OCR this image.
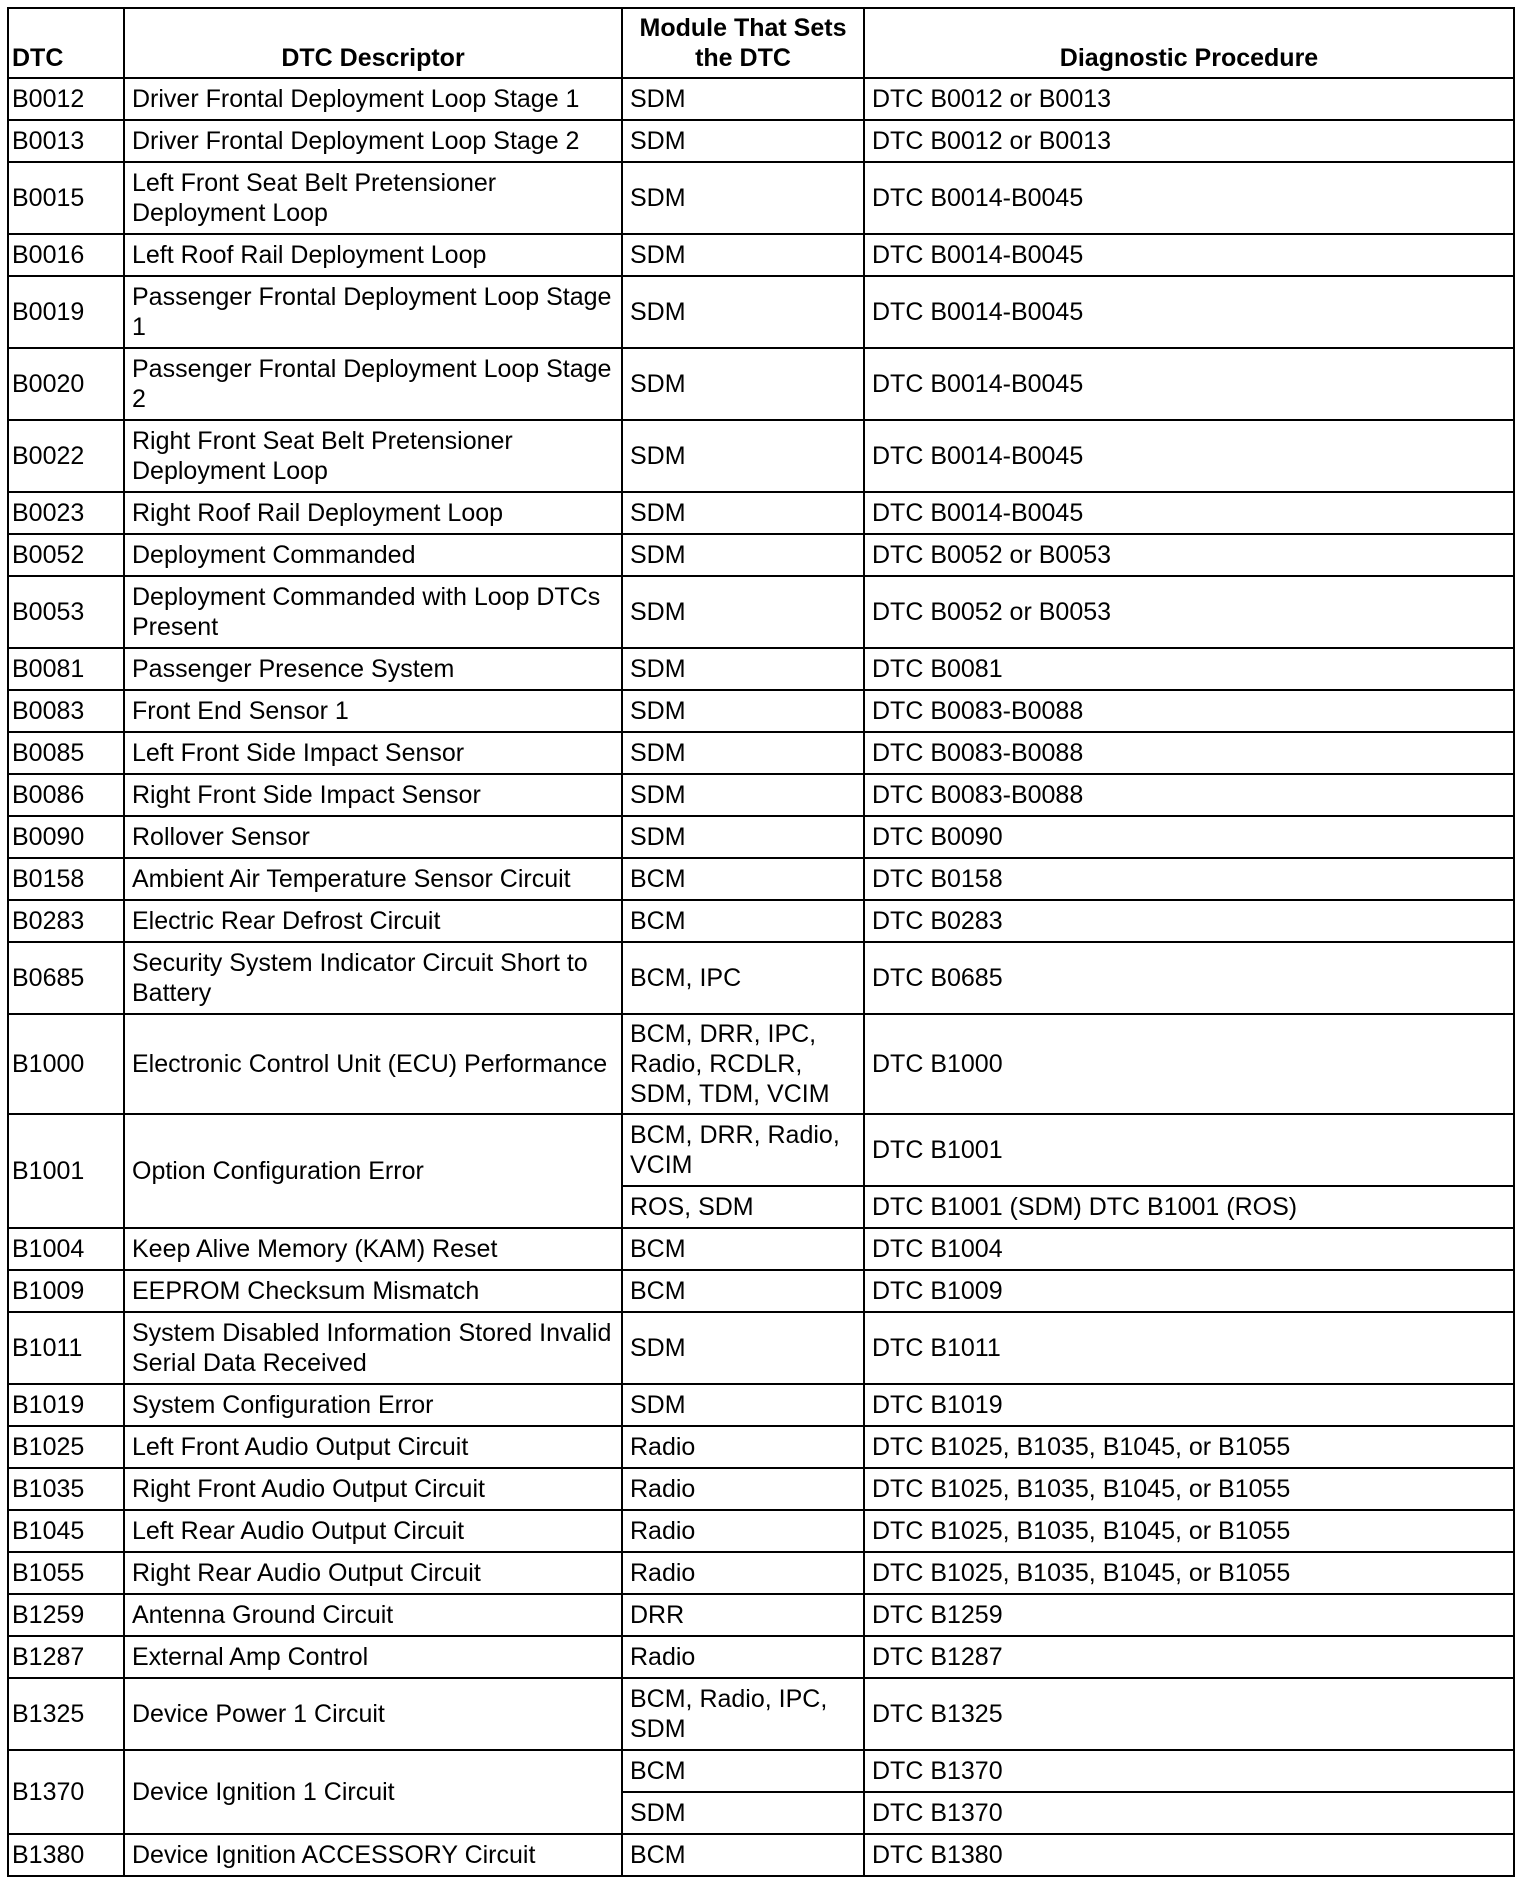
DTC	DTC Descriptor	Module That Sets the DTC	Diagnostic Procedure
B0012	Driver Frontal Deployment Loop Stage 1	SDM	DTC B0012 or B0013
B0013	Driver Frontal Deployment Loop Stage 2	SDM	DTC B0012 or B0013
B0015	Left Front Seat Belt Pretensioner Deployment Loop	SDM	DTC B0014-B0045
B0016	Left Roof Rail Deployment Loop	SDM	DTC B0014-B0045
B0019	Passenger Frontal Deployment Loop Stage 1	SDM	DTC B0014-B0045
B0020	Passenger Frontal Deployment Loop Stage 2	SDM	DTC B0014-B0045
B0022	Right Front Seat Belt Pretensioner Deployment Loop	SDM	DTC B0014-B0045
B0023	Right Roof Rail Deployment Loop	SDM	DTC B0014-B0045
B0052	Deployment Commanded	SDM	DTC B0052 or B0053
B0053	Deployment Commanded with Loop DTCs Present	SDM	DTC B0052 or B0053
B0081	Passenger Presence System	SDM	DTC B0081
B0083	Front End Sensor 1	SDM	DTC B0083-B0088
B0085	Left Front Side Impact Sensor	SDM	DTC B0083-B0088
B0086	Right Front Side Impact Sensor	SDM	DTC B0083-B0088
B0090	Rollover Sensor	SDM	DTC B0090
B0158	Ambient Air Temperature Sensor Circuit	BCM	DTC B0158
B0283	Electric Rear Defrost Circuit	BCM	DTC B0283
B0685	Security System Indicator Circuit Short to Battery	BCM, IPC	DTC B0685
B1000	Electronic Control Unit (ECU) Performance	BCM, DRR, IPC, Radio, RCDLR, SDM, TDM, VCIM	DTC B1000
B1001	Option Configuration Error	BCM, DRR, Radio, VCIM	DTC B1001
		ROS, SDM	DTC B1001 (SDM) DTC B1001 (ROS)
B1004	Keep Alive Memory (KAM) Reset	BCM	DTC B1004
B1009	EEPROM Checksum Mismatch	BCM	DTC B1009
B1011	System Disabled Information Stored Invalid Serial Data Received	SDM	DTC B1011
B1019	System Configuration Error	SDM	DTC B1019
B1025	Left Front Audio Output Circuit	Radio	DTC B1025, B1035, B1045, or B1055
B1035	Right Front Audio Output Circuit	Radio	DTC B1025, B1035, B1045, or B1055
B1045	Left Rear Audio Output Circuit	Radio	DTC B1025, B1035, B1045, or B1055
B1055	Right Rear Audio Output Circuit	Radio	DTC B1025, B1035, B1045, or B1055
B1259	Antenna Ground Circuit	DRR	DTC B1259
B1287	External Amp Control	Radio	DTC B1287
B1325	Device Power 1 Circuit	BCM, Radio, IPC, SDM	DTC B1325
B1370	Device Ignition 1 Circuit	BCM	DTC B1370
		SDM	DTC B1370
B1380	Device Ignition ACCESSORY Circuit	BCM	DTC B1380
